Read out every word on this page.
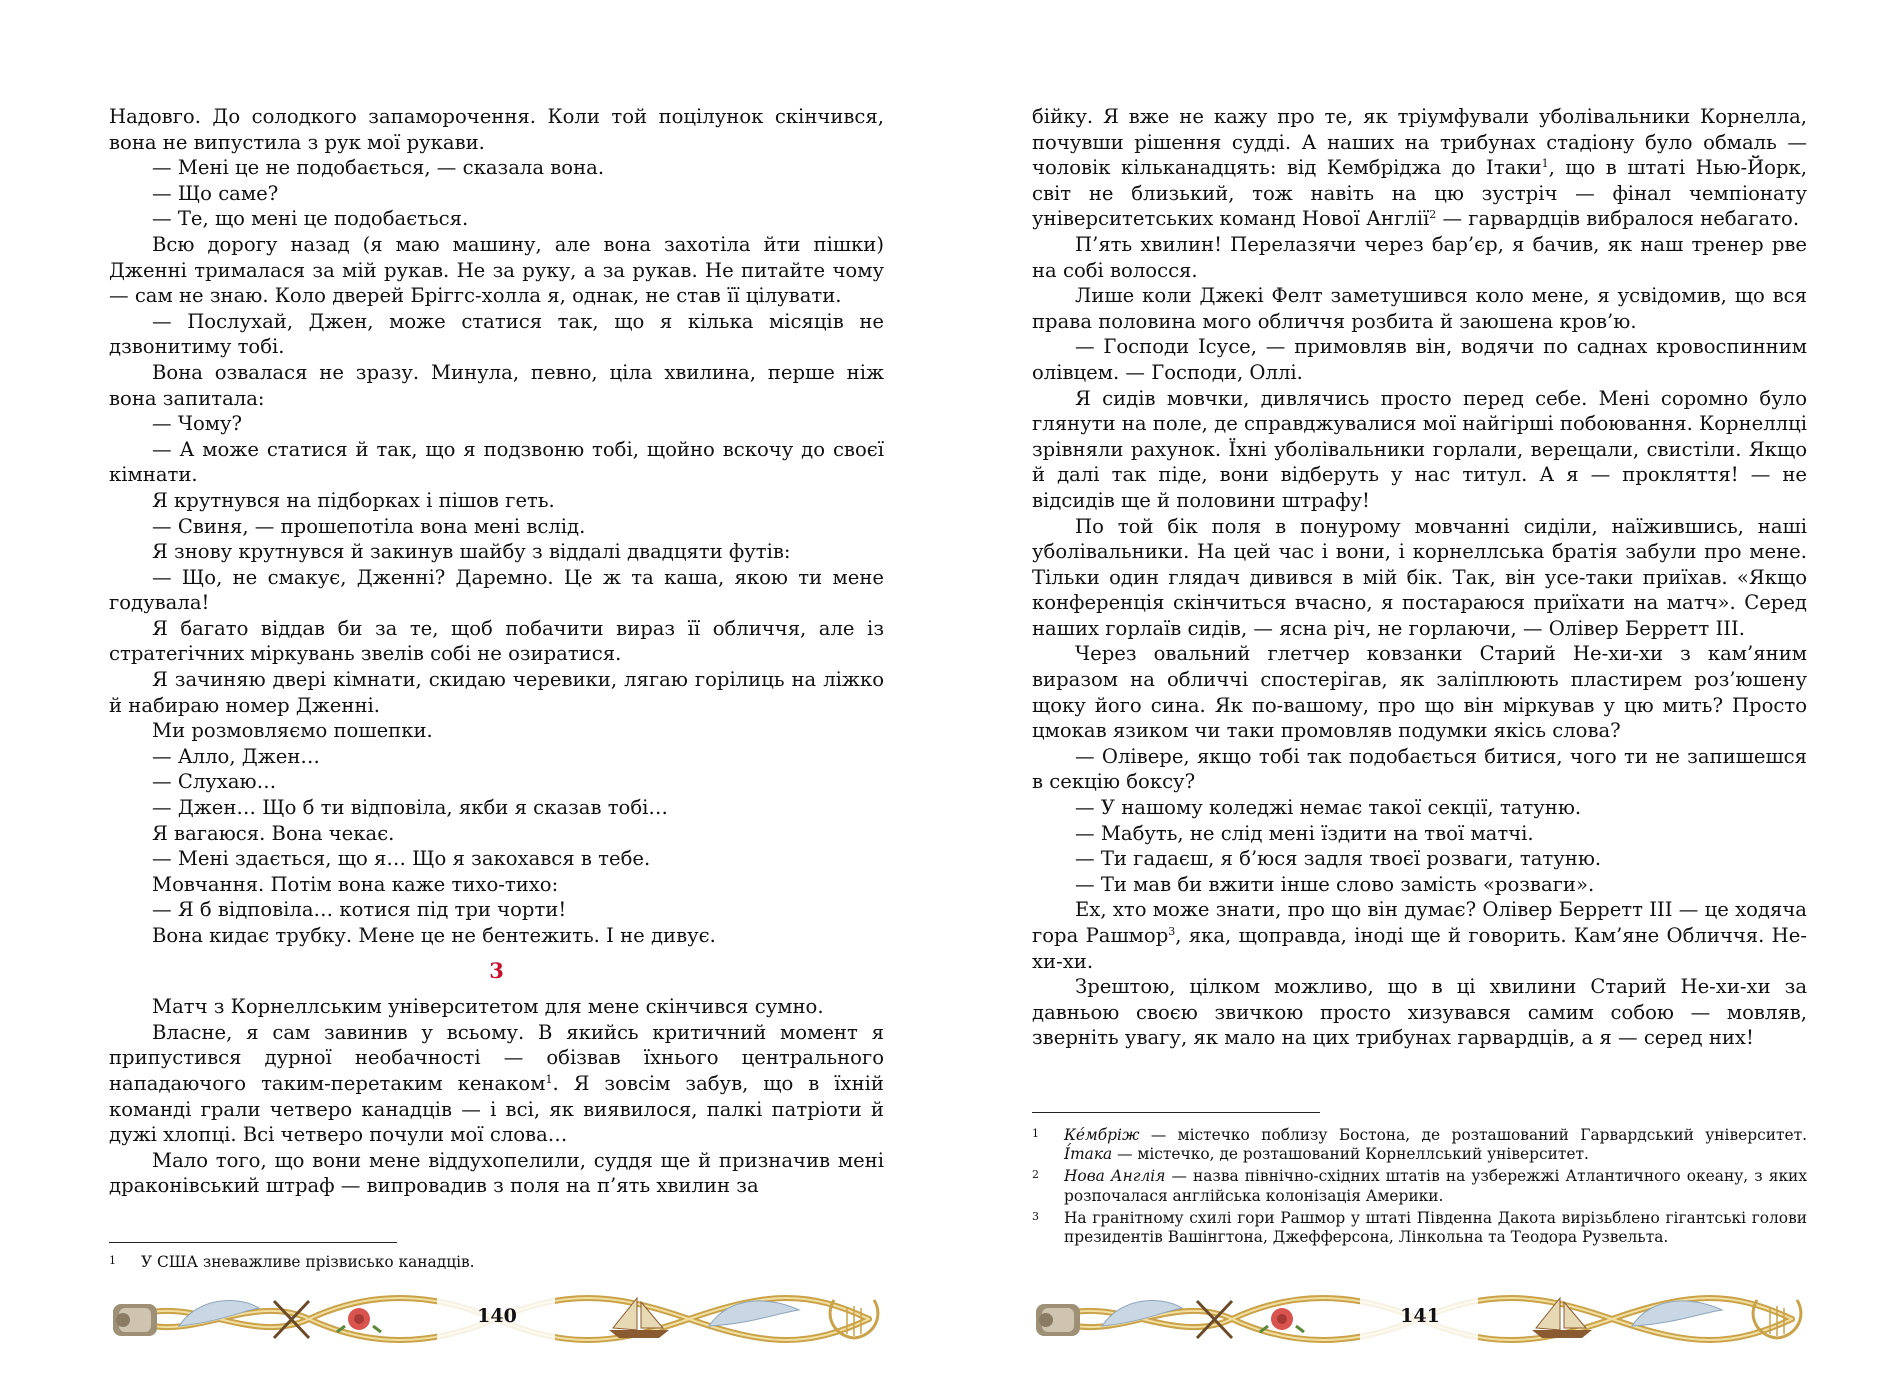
Надовго. До солодкого запаморочення. Коли той поцілунок скінчився, вона не випустила з рук мої рукави.

— Мені це не подобається, — сказала вона.

— Що саме?

— Те, що мені це подобається.

Всю дорогу назад (я маю машину, але вона захотіла йти пішки) Дженні трималася за мій рукав. Не за руку, а за рукав. Не питайте чому — сам не знаю. Коло дверей Бріггс-холла я, однак, не став її цілувати.

— Послухай, Джен, може статися так, що я кілька місяців не дзвонитиму тобі.

Вона озвалася не зразу. Минула, певно, ціла хвилина, перше ніж вона запитала:

— Чому?

— А може статися й так, що я подзвоню тобі, щойно вскочу до своєї кімнати.

Я крутнувся на підборках і пішов геть.

— Свиня, — прошепотіла вона мені вслід.

Я знову крутнувся й закинув шайбу з віддалі двадцяти футів:

— Що, не смакує, Дженні? Даремно. Це ж та каша, якою ти мене годувала!

Я багато віддав би за те, щоб побачити вираз її обличчя, але із стратегічних міркувань звелів собі не озиратися.

Я зачиняю двері кімнати, скидаю черевики, лягаю горілиць на ліжко й набираю номер Дженні.

Ми розмовляємо пошепки.

— Алло, Джен…

— Слухаю…

— Джен… Що б ти відповіла, якби я сказав тобі…

Я вагаюся. Вона чекає.

— Мені здається, що я… Що я закохався в тебе.

Мовчання. Потім вона каже тихо-тихо:

— Я б відповіла… котися під три чорти!

Вона кидає трубку. Мене це не бентежить. І не дивує.

3

Матч з Корнеллським університетом для мене скінчився сумно.

Власне, я сам завинив у всьому. В якийсь критичний момент я припустився дурної необачності — обізвав їхнього центрального нападаючого таким-перетаким кенаком$^1$. Я зовсім забув, що в їхній команді грали четверо канадців — і всі, як виявилося, палкі патріоти й дужі хлопці. Всі четверо почули мої слова…

Мало того, що вони мене віддухопелили, суддя ще й призначив мені драконівський штраф — випровадив з поля на п’ять хвилин за

1	У США зневажливе прізвисько канадців.
140

бійку. Я вже не кажу про те, як тріумфували уболівальники Корнелла, почувши рішення судді. А наших на трибунах стадіону було обмаль — чоловік кільканадцять: від Кембріджа до Ітаки$^1$, що в штаті Нью-Йорк, світ не близький, тож навіть на цю зустріч — фінал чемпіонату університетських команд Нової Англії$^2$ — гарвардців вибралося небагато.

П’ять хвилин! Перелазячи через бар’єр, я бачив, як наш тренер рве на собі волосся.

Лише коли Джекі Фелт заметушився коло мене, я усвідомив, що вся права половина мого обличчя розбита й заюшена кров’ю.

— Господи Ісусе, — примовляв він, водячи по саднах кровоспинним олівцем. — Господи, Оллі.

Я сидів мовчки, дивлячись просто перед себе. Мені соромно було глянути на поле, де справджувалися мої найгірші побоювання. Корнеллці зрівняли рахунок. Їхні уболівальники горлали, верещали, свистіли. Якщо й далі так піде, вони відберуть у нас титул. А я — прокляття! — не відсидів ще й половини штрафу!

По той бік поля в понурому мовчанні сиділи, наїжившись, наші уболівальники. На цей час і вони, і корнеллська братія забули про мене. Тільки один глядач дивився в мій бік. Так, він усе-таки приїхав. «Якщо конференція скінчиться вчасно, я постараюся приїхати на матч». Серед наших горлаїв сидів, — ясна річ, не горлаючи, — Олівер Берретт III.

Через овальний глетчер ковзанки Старий Не-хи-хи з кам’яним виразом на обличчі спостерігав, як заліплюють пластирем роз’юшену щоку його сина. Як по-вашому, про що він міркував у цю мить? Просто цмокав язиком чи таки промовляв подумки якісь слова?

— Олівере, якщо тобі так подобається битися, чого ти не запишешся в секцію боксу?

— У нашому коледжі немає такої секції, татуню.

— Мабуть, не слід мені їздити на твої матчі.

— Ти гадаєш, я б’юся задля твоєї розваги, татуню.

— Ти мав би вжити інше слово замість «розваги».

Ех, хто може знати, про що він думає? Олівер Берретт III — це ходяча гора Рашмор$^3$, яка, щоправда, іноді ще й говорить. Кам’яне Обличчя. Не-хи-хи.

Зрештою, цілком можливо, що в ці хвилини Старий Не-хи-хи за давньою своєю звичкою просто хизувався самим собою — мовляв, зверніть увагу, як мало на цих трибунах гарвардців, а я — серед них!

1	Ке́мбрiж — містечко поблизу Бостона, де розташований Гарвардський університет. І́така — містечко, де розташований Корнеллський університет.
2	Нова Англія — назва північно-східних штатів на узбережжі Атлантичного океану, з яких розпочалася англійська колонізація Америки.
3	На гранітному схилі гори Рашмор у штаті Південна Дакота вирізьблено гігантські голови президентів Вашінгтона, Джефферсона, Лінкольна та Теодора Рузвельта.
141
